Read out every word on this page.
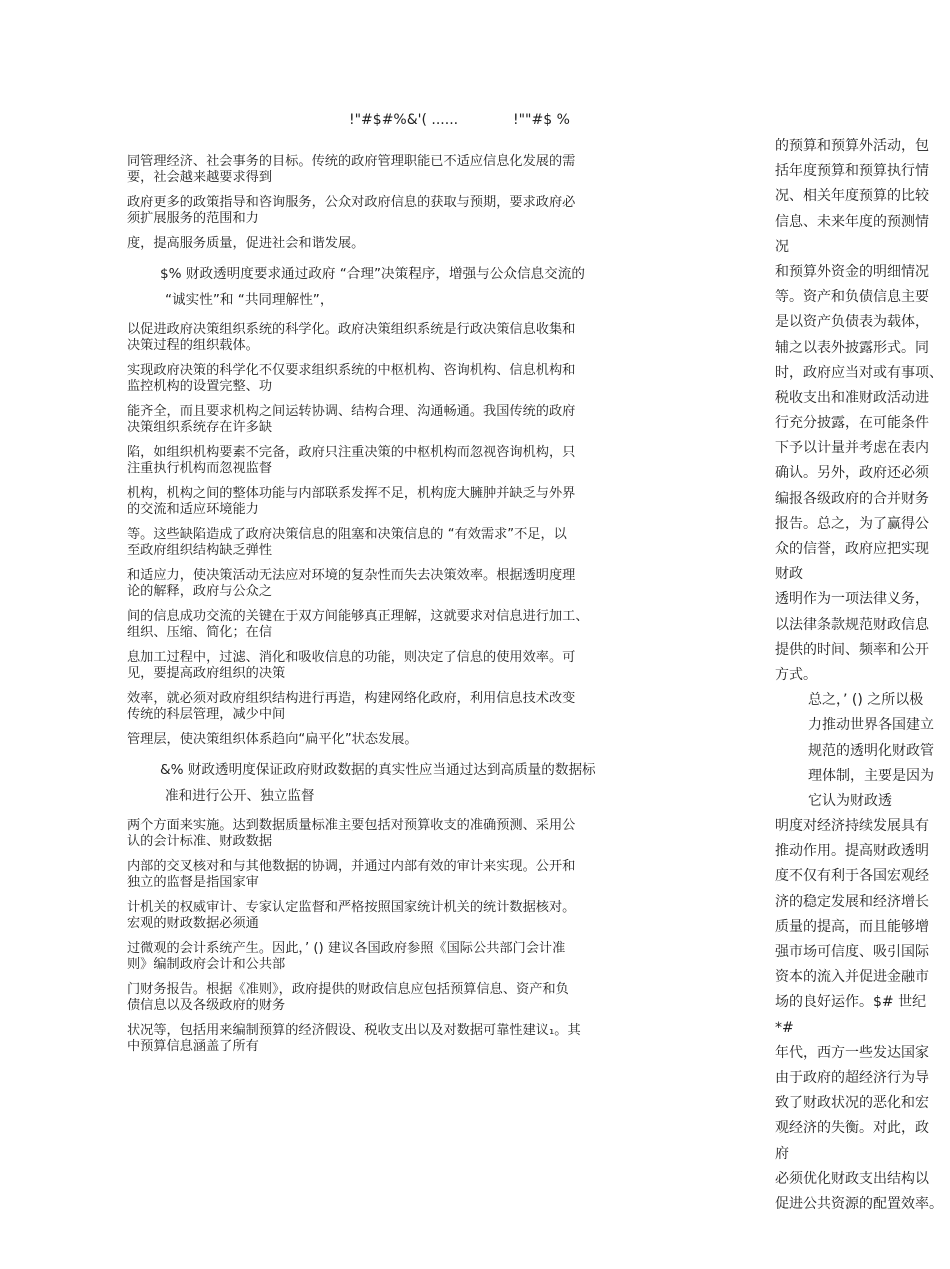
!"#$#%&'( ......	!""#$ %

同管理经济、社会事务的目标。传统的政府管理职能已不适应信息化发展的需
要，社会越来越要求得到

政府更多的政策指导和咨询服务，公众对政府信息的获取与预期，要求政府必
须扩展服务的范围和力

度，提高服务质量，促进社会和谐发展。

$% 财政透明度要求通过政府 “合理”决策程序，增强与公众信息交流的
“诚实性”和 “共同理解性”，

以促进政府决策组织系统的科学化。政府决策组织系统是行政决策信息收集和
决策过程的组织载体。

实现政府决策的科学化不仅要求组织系统的中枢机构、咨询机构、信息机构和
监控机构的设置完整、功

能齐全，而且要求机构之间运转协调、结构合理、沟通畅通。我国传统的政府
决策组织系统存在许多缺

陷，如组织机构要素不完备，政府只注重决策的中枢机构而忽视咨询机构，只
注重执行机构而忽视监督

机构，机构之间的整体功能与内部联系发挥不足，机构庞大臃肿并缺乏与外界
的交流和适应环境能力

等。这些缺陷造成了政府决策信息的阻塞和决策信息的 “有效需求”不足，以
至政府组织结构缺乏弹性

和适应力，使决策活动无法应对环境的复杂性而失去决策效率。根据透明度理
论的解释，政府与公众之

间的信息成功交流的关键在于双方间能够真正理解，这就要求对信息进行加工、
组织、压缩、简化；在信

息加工过程中，过滤、消化和吸收信息的功能，则决定了信息的使用效率。可
见，要提高政府组织的决策

效率，就必须对政府组织结构进行再造，构建网络化政府，利用信息技术改变
传统的科层管理，减少中间

管理层，使决策组织体系趋向“扁平化”状态发展。

&% 财政透明度保证政府财政数据的真实性应当通过达到高质量的数据标
准和进行公开、独立监督

两个方面来实施。达到数据质量标准主要包括对预算收支的准确预测、采用公
认的会计标准、财政数据

内部的交叉核对和与其他数据的协调，并通过内部有效的审计来实现。公开和
独立的监督是指国家审

计机关的权威审计、专家认定监督和严格按照国家统计机关的统计数据核对。
宏观的财政数据必须通

过微观的会计系统产生。因此，’ () 建议各国政府参照《国际公共部门会计准
则》编制政府会计和公共部

门财务报告。根据《准则》，政府提供的财政信息应包括预算信息、资产和负
债信息以及各级政府的财务

状况等，包括用来编制预算的经济假设、税收支出以及对数据可靠性建议₁。其
中预算信息涵盖了所有

的预算和预算外活动，包
括年度预算和预算执行情
况、相关年度预算的比较
信息、未来年度的预测情
况
和预算外资金的明细情况
等。资产和负债信息主要
是以资产负债表为载体，
辅之以表外披露形式。同
时，政府应当对或有事项、
税收支出和准财政活动进
行充分披露，在可能条件
下予以计量并考虑在表内
确认。另外，政府还必须
编报各级政府的合并财务
报告。总之，为了赢得公
众的信誉，政府应把实现
财政
透明作为一项法律义务，
以法律条款规范财政信息
提供的时间、频率和公开
方式。
总之，’ () 之所以极
力推动世界各国建立
规范的透明化财政管
理体制，主要是因为
它认为财政透
明度对经济持续发展具有
推动作用。提高财政透明
度不仅有利于各国宏观经
济的稳定发展和经济增长
质量的提高，而且能够增
强市场可信度、吸引国际
资本的流入并促进金融市
场的良好运作。$# 世纪
*#
年代，西方一些发达国家
由于政府的超经济行为导
致了财政状况的恶化和宏
观经济的失衡。对此，政
府
必须优化财政支出结构以
促进公共资源的配置效率。
